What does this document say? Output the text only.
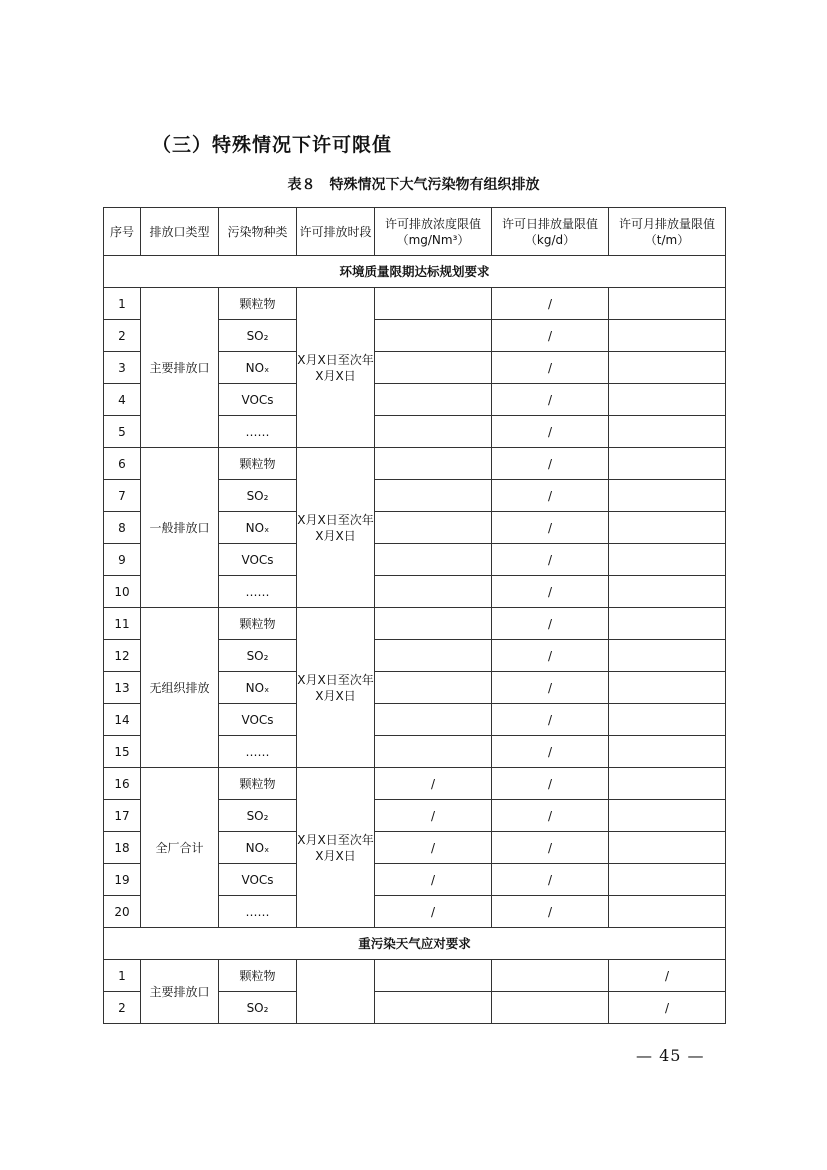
（三）特殊情况下许可限值
表８　特殊情况下大气污染物有组织排放
序号	排放口类型	污染物种类	许可排放时段	许可排放浓度限值（mg/Nm³）	许可日排放量限值（kg/d）	许可月排放量限值（t/m）
环境质量限期达标规划要求						
1	主要排放口	颗粒物	X月X日至次年X月X日		/	
2		SO₂			/	
3		NOₓ			/	
4		VOCs			/	
5		……			/	
6	一般排放口	颗粒物	X月X日至次年X月X日		/	
7		SO₂			/	
8		NOₓ			/	
9		VOCs			/	
10		……			/	
11	无组织排放	颗粒物	X月X日至次年X月X日		/	
12		SO₂			/	
13		NOₓ			/	
14		VOCs			/	
15		……			/	
16	全厂合计	颗粒物	X月X日至次年X月X日	/	/	
17		SO₂		/	/	
18		NOₓ		/	/	
19		VOCs		/	/	
20		……		/	/	
重污染天气应对要求						
1	主要排放口	颗粒物				/
2		SO₂				/
— 45 —
